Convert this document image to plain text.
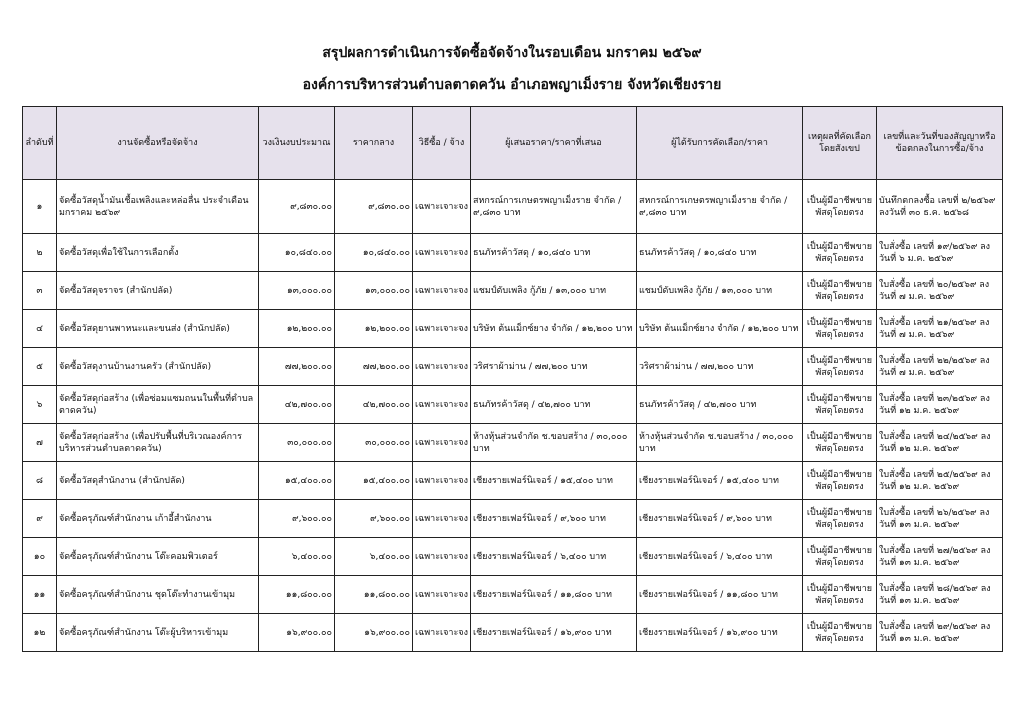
สรุปผลการดำเนินการจัดซื้อจัดจ้างในรอบเดือน มกราคม ๒๕๖๙
องค์การบริหารส่วนตำบลตาดควัน อำเภอพญาเม็งราย จังหวัดเชียงราย
ลำดับที่	งานจัดซื้อหรือจัดจ้าง	วงเงินงบประมาณ	ราคากลาง	วิธีซื้อ / จ้าง	ผู้เสนอราคา/ราคาที่เสนอ	ผู้ได้รับการคัดเลือก/ราคา	เหตุผลที่คัดเลือกโดยสังเขป	เลขที่และวันที่ของสัญญาหรือข้อตกลงในการซื้อ/จ้าง
๑	จัดซื้อวัสดุน้ำมันเชื้อเพลิงและหล่อลื่น ประจำเดือน มกราคม ๒๕๖๙	๙,๘๓๐.๐๐	๙,๘๓๐.๐๐	เฉพาะเจาะจง	สหกรณ์การเกษตรพญาเม็งราย จำกัด / ๙,๘๓๐ บาท	สหกรณ์การเกษตรพญาเม็งราย จำกัด / ๙,๘๓๐ บาท	เป็นผู้มีอาชีพขายพัสดุโดยตรง	บันทึกตกลงซื้อ เลขที่ ๒/๒๕๖๙ ลงวันที่ ๓๐ ธ.ค. ๒๕๖๘
๒	จัดซื้อวัสดุเพื่อใช้ในการเลือกตั้ง	๑๐,๘๔๐.๐๐	๑๐,๘๔๐.๐๐	เฉพาะเจาะจง	ธนภัทรค้าวัสดุ / ๑๐,๘๔๐ บาท	ธนภัทรค้าวัสดุ / ๑๐,๘๔๐ บาท	เป็นผู้มีอาชีพขายพัสดุโดยตรง	ใบสั่งซื้อ เลขที่ ๑๙/๒๕๖๙ ลงวันที่ ๖ ม.ค. ๒๕๖๙
๓	จัดซื้อวัสดุจราจร (สำนักปลัด)	๑๓,๐๐๐.๐๐	๑๓,๐๐๐.๐๐	เฉพาะเจาะจง	แชมป์ดับเพลิง กู้ภัย / ๑๓,๐๐๐ บาท	แชมป์ดับเพลิง กู้ภัย / ๑๓,๐๐๐ บาท	เป็นผู้มีอาชีพขายพัสดุโดยตรง	ใบสั่งซื้อ เลขที่ ๒๐/๒๕๖๙ ลงวันที่ ๗ ม.ค. ๒๕๖๙
๔	จัดซื้อวัสดุยานพาหนะและขนส่ง (สำนักปลัด)	๑๒,๒๐๐.๐๐	๑๒,๒๐๐.๐๐	เฉพาะเจาะจง	บริษัท ต้นแม็กซ์ยาง จำกัด / ๑๒,๒๐๐ บาท	บริษัท ต้นแม็กซ์ยาง จำกัด / ๑๒,๒๐๐ บาท	เป็นผู้มีอาชีพขายพัสดุโดยตรง	ใบสั่งซื้อ เลขที่ ๒๑/๒๕๖๙ ลงวันที่ ๗ ม.ค. ๒๕๖๙
๕	จัดซื้อวัสดุงานบ้านงานครัว (สำนักปลัด)	๗๗,๒๐๐.๐๐	๗๗,๒๐๐.๐๐	เฉพาะเจาะจง	วริศราผ้าม่าน / ๗๗,๒๐๐ บาท	วริศราผ้าม่าน / ๗๗,๒๐๐ บาท	เป็นผู้มีอาชีพขายพัสดุโดยตรง	ใบสั่งซื้อ เลขที่ ๒๒/๒๕๖๙ ลงวันที่ ๗ ม.ค. ๒๕๖๙
๖	จัดซื้อวัสดุก่อสร้าง (เพื่อซ่อมแซมถนนในพื้นที่ตำบลตาดควัน)	๔๒,๗๐๐.๐๐	๔๒,๗๐๐.๐๐	เฉพาะเจาะจง	ธนภัทรค้าวัสดุ / ๔๒,๗๐๐ บาท	ธนภัทรค้าวัสดุ / ๔๒,๗๐๐ บาท	เป็นผู้มีอาชีพขายพัสดุโดยตรง	ใบสั่งซื้อ เลขที่ ๒๓/๒๕๖๙ ลงวันที่ ๑๒ ม.ค. ๒๕๖๙
๗	จัดซื้อวัสดุก่อสร้าง (เพื่อปรับพื้นที่บริเวณองค์การบริหารส่วนตำบลตาดควัน)	๓๐,๐๐๐.๐๐	๓๐,๐๐๐.๐๐	เฉพาะเจาะจง	ห้างหุ้นส่วนจำกัด ช.ขอบสร้าง / ๓๐,๐๐๐ บาท	ห้างหุ้นส่วนจำกัด ช.ขอบสร้าง / ๓๐,๐๐๐ บาท	เป็นผู้มีอาชีพขายพัสดุโดยตรง	ใบสั่งซื้อ เลขที่ ๒๔/๒๕๖๙ ลงวันที่ ๑๒ ม.ค. ๒๕๖๙
๘	จัดซื้อวัสดุสำนักงาน (สำนักปลัด)	๑๕,๔๐๐.๐๐	๑๕,๔๐๐.๐๐	เฉพาะเจาะจง	เชียงรายเฟอร์นิเจอร์ / ๑๕,๔๐๐ บาท	เชียงรายเฟอร์นิเจอร์ / ๑๕,๔๐๐ บาท	เป็นผู้มีอาชีพขายพัสดุโดยตรง	ใบสั่งซื้อ เลขที่ ๒๕/๒๕๖๙ ลงวันที่ ๑๒ ม.ค. ๒๕๖๙
๙	จัดซื้อครุภัณฑ์สำนักงาน เก้าอี้สำนักงาน	๙,๖๐๐.๐๐	๙,๖๐๐.๐๐	เฉพาะเจาะจง	เชียงรายเฟอร์นิเจอร์ / ๙,๖๐๐ บาท	เชียงรายเฟอร์นิเจอร์ / ๙,๖๐๐ บาท	เป็นผู้มีอาชีพขายพัสดุโดยตรง	ใบสั่งซื้อ เลขที่ ๒๖/๒๕๖๙ ลงวันที่ ๑๓ ม.ค. ๒๕๖๙
๑๐	จัดซื้อครุภัณฑ์สำนักงาน โต๊ะคอมพิวเตอร์	๖,๔๐๐.๐๐	๖,๔๐๐.๐๐	เฉพาะเจาะจง	เชียงรายเฟอร์นิเจอร์ / ๖,๔๐๐ บาท	เชียงรายเฟอร์นิเจอร์ / ๖,๔๐๐ บาท	เป็นผู้มีอาชีพขายพัสดุโดยตรง	ใบสั่งซื้อ เลขที่ ๒๗/๒๕๖๙ ลงวันที่ ๑๓ ม.ค. ๒๕๖๙
๑๑	จัดซื้อครุภัณฑ์สำนักงาน ชุดโต๊ะทำงานเข้ามุม	๑๑,๘๐๐.๐๐	๑๑,๘๐๐.๐๐	เฉพาะเจาะจง	เชียงรายเฟอร์นิเจอร์ / ๑๑,๘๐๐ บาท	เชียงรายเฟอร์นิเจอร์ / ๑๑,๘๐๐ บาท	เป็นผู้มีอาชีพขายพัสดุโดยตรง	ใบสั่งซื้อ เลขที่ ๒๘/๒๕๖๙ ลงวันที่ ๑๓ ม.ค. ๒๕๖๙
๑๒	จัดซื้อครุภัณฑ์สำนักงาน โต๊ะผู้บริหารเข้ามุม	๑๖,๙๐๐.๐๐	๑๖,๙๐๐.๐๐	เฉพาะเจาะจง	เชียงรายเฟอร์นิเจอร์ / ๑๖,๙๐๐ บาท	เชียงรายเฟอร์นิเจอร์ / ๑๖,๙๐๐ บาท	เป็นผู้มีอาชีพขายพัสดุโดยตรง	ใบสั่งซื้อ เลขที่ ๒๙/๒๕๖๙ ลงวันที่ ๑๓ ม.ค. ๒๕๖๙
